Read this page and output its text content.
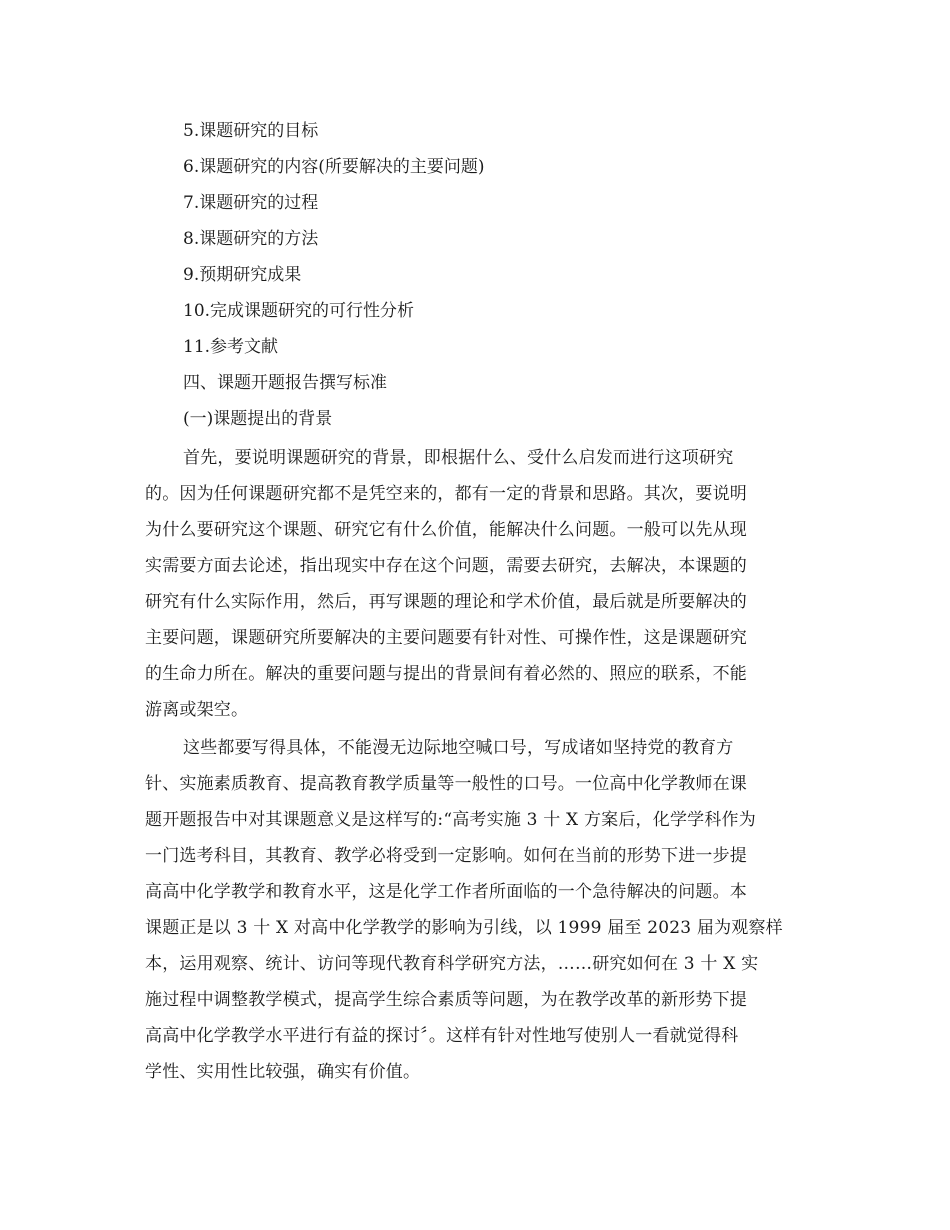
5.课题研究的目标
6.课题研究的内容(所要解决的主要问题)
7.课题研究的过程
8.课题研究的方法
9.预期研究成果
10.完成课题研究的可行性分析
11.参考文献
四、课题开题报告撰写标准
(一)课题提出的背景
首先，要说明课题研究的背景，即根据什么、受什么启发而进行这项研究
的。因为任何课题研究都不是凭空来的，都有一定的背景和思路。其次，要说明
为什么要研究这个课题、研究它有什么价值，能解决什么问题。一般可以先从现
实需要方面去论述，指出现实中存在这个问题，需要去研究，去解决，本课题的
研究有什么实际作用，然后，再写课题的理论和学术价值，最后就是所要解决的
主要问题，课题研究所要解决的主要问题要有针对性、可操作性，这是课题研究
的生命力所在。解决的重要问题与提出的背景间有着必然的、照应的联系，不能
游离或架空。
这些都要写得具体，不能漫无边际地空喊口号，写成诸如坚持党的教育方
针、实施素质教育、提高教育教学质量等一般性的口号。一位高中化学教师在课
题开题报告中对其课题意义是这样写的:“高考实施 3 十 X 方案后，化学学科作为
一门选考科目，其教育、教学必将受到一定影响。如何在当前的形势下进一步提
高高中化学教学和教育水平，这是化学工作者所面临的一个急待解决的问题。本
课题正是以 3 十 X 对高中化学教学的影响为引线，以 1999 届至 2023 届为观察样
本，运用观察、统计、访问等现代教育科学研究方法，……研究如何在 3 十 X 实
施过程中调整教学模式，提高学生综合素质等问题，为在教学改革的新形势下提
高高中化学教学水平进行有益的探讨〞。这样有针对性地写使别人一看就觉得科
学性、实用性比较强，确实有价值。
